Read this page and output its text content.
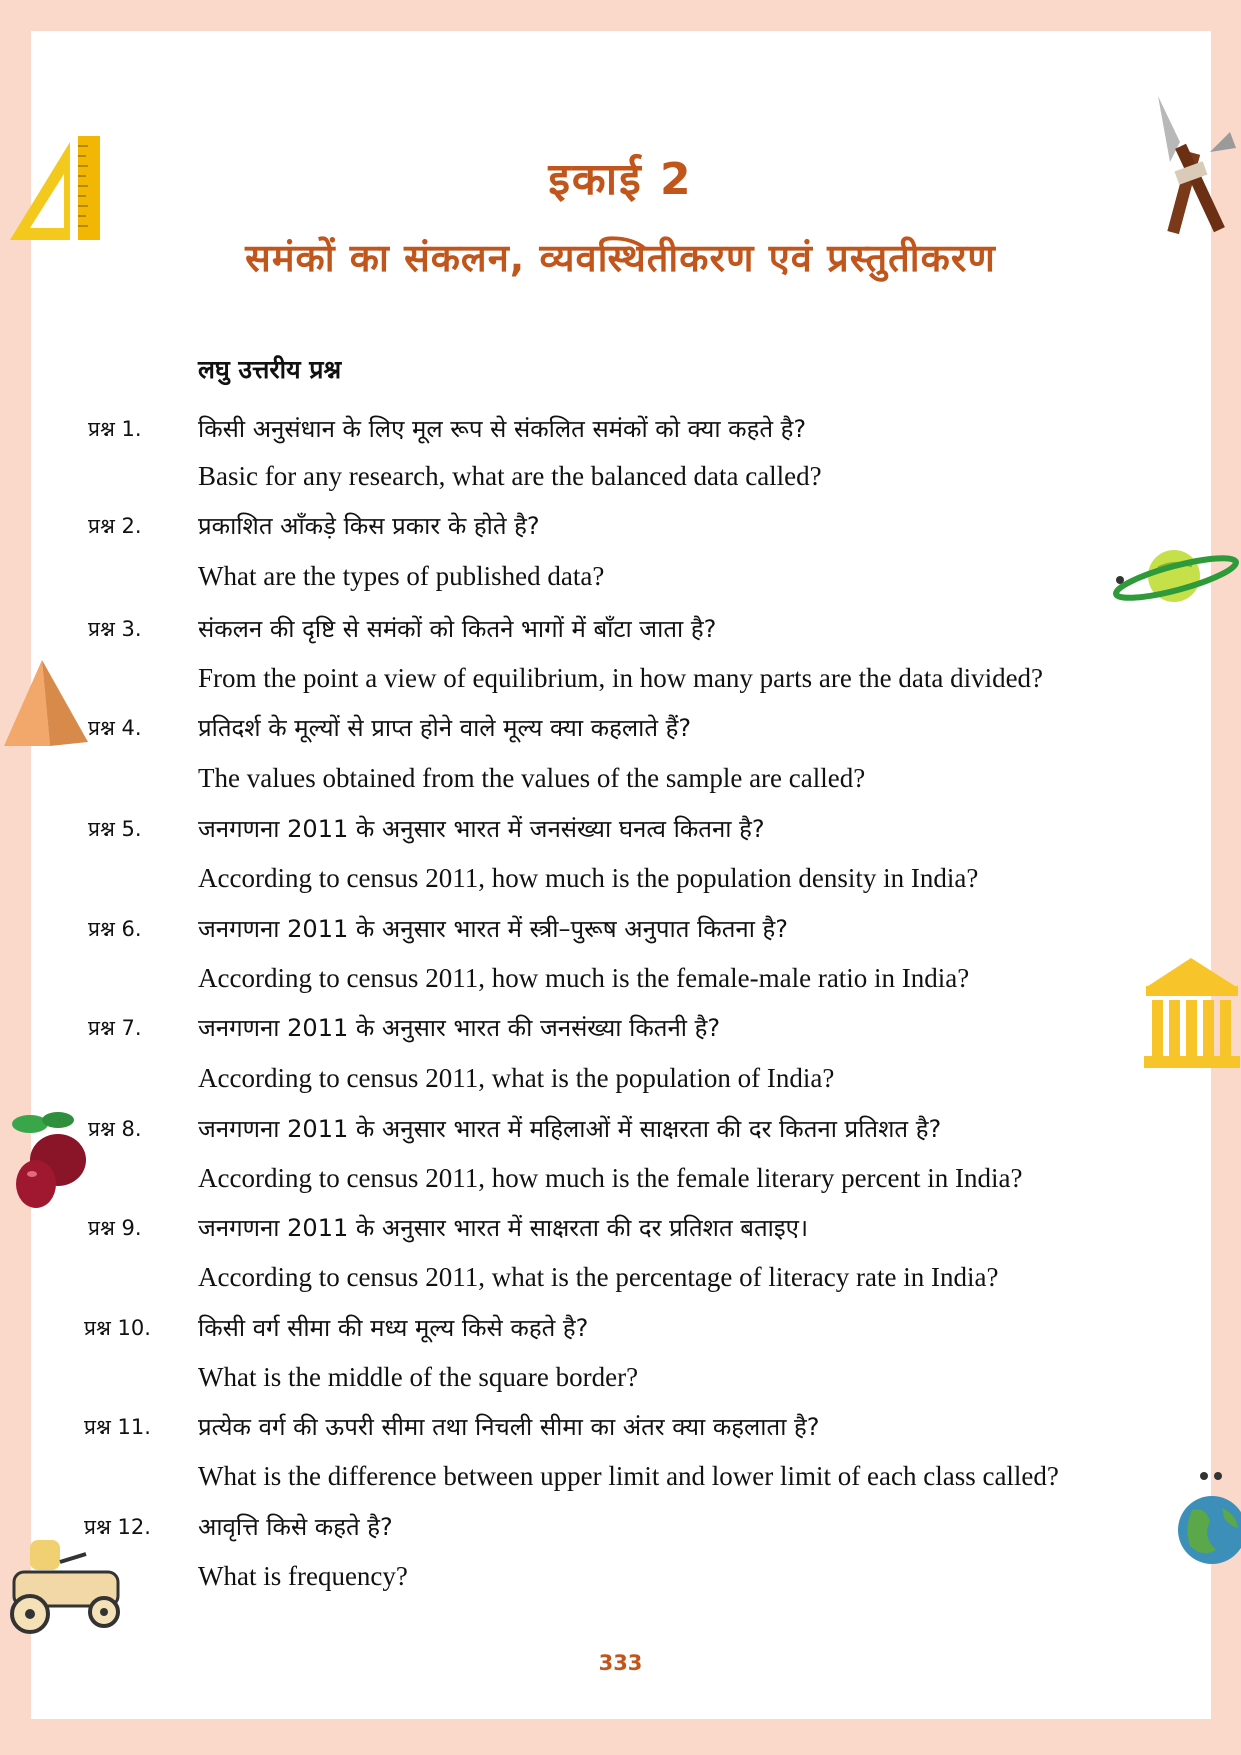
इकाई 2
समंकों का संकलन, व्यवस्थितीकरण एवं प्रस्तुतीकरण
लघु उत्तरीय प्रश्न
प्रश्न 1.	किसी अनुसंधान के लिए मूल रूप से संकलित समंकों को क्या कहते है?
Basic for any research, what are the balanced data called?
प्रश्न 2.	प्रकाशित आँकड़े किस प्रकार के होते है?
What are the types of published data?
प्रश्न 3.	संकलन की दृष्टि से समंकों को कितने भागों में बाँटा जाता है?
From the point a view of equilibrium, in how many parts are the data divided?
प्रश्न 4.	प्रतिदर्श के मूल्यों से प्राप्त होने वाले मूल्य क्या कहलाते हैं?
The values obtained from the values of the sample are called?
प्रश्न 5.	जनगणना 2011 के अनुसार भारत में जनसंख्या घनत्व कितना है?
According to census 2011, how much is the population density in India?
प्रश्न 6.	जनगणना 2011 के अनुसार भारत में स्त्री–पुरूष अनुपात कितना है?
According to census 2011, how much is the female-male ratio in India?
प्रश्न 7.	जनगणना 2011 के अनुसार भारत की जनसंख्या कितनी है?
According to census 2011, what is the population of India?
प्रश्न 8.	जनगणना 2011 के अनुसार भारत में महिलाओं में साक्षरता की दर कितना प्रतिशत है?
According to census 2011, how much is the female literary percent in India?
प्रश्न 9.	जनगणना 2011 के अनुसार भारत में साक्षरता की दर प्रतिशत बताइए।
According to census 2011, what is the percentage of literacy rate in India?
प्रश्न 10.	किसी वर्ग सीमा की मध्य मूल्य किसे कहते है?
What is the middle of the square border?
प्रश्न 11.	प्रत्येक वर्ग की ऊपरी सीमा तथा निचली सीमा का अंतर क्या कहलाता है?
What is the difference between upper limit and lower limit of each class called?
प्रश्न 12.	आवृत्ति किसे कहते है?
What is frequency?
333
